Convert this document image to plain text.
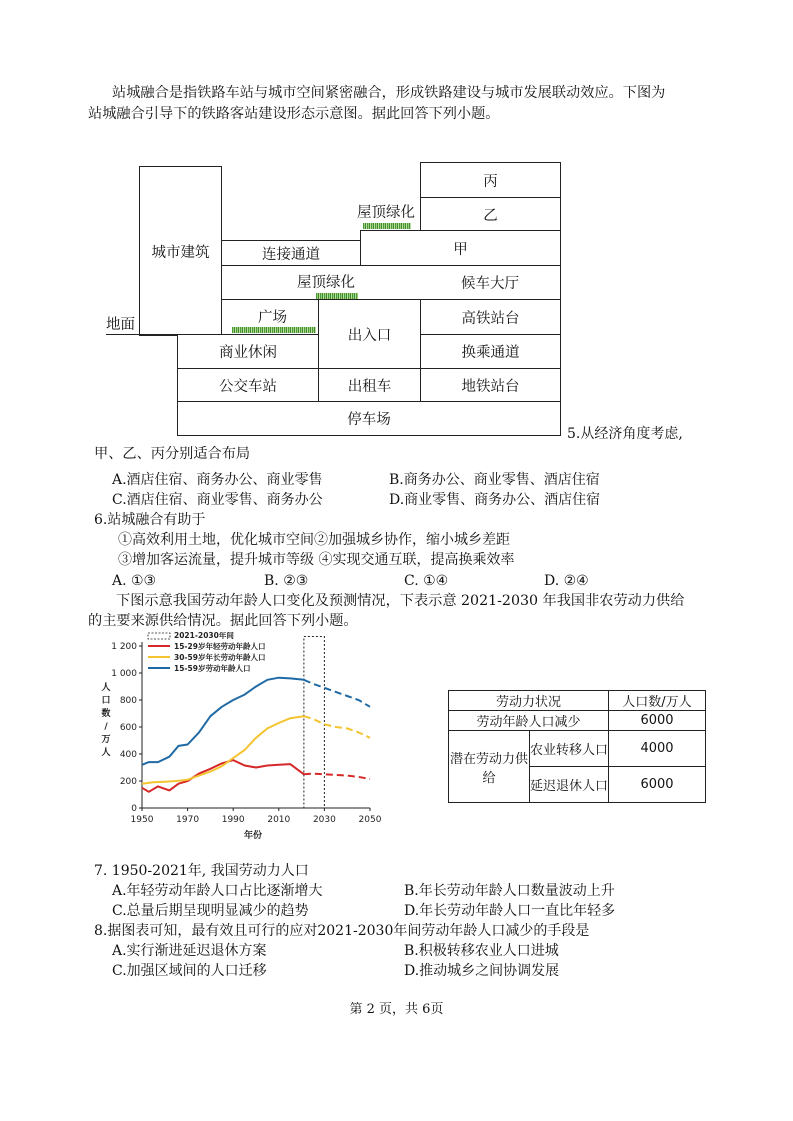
站城融合是指铁路车站与城市空间紧密融合，形成铁路建设与城市发展联动效应。下图为
站城融合引导下的铁路客站建设形态示意图。据此回答下列小题。
城市建筑
地面
连接通道
丙
乙
屋顶绿化
甲
候车大厅
屋顶绿化
广场
出入口
高铁站台
换乘通道
商业休闲
公交车站	出租车	地铁站台
停车场
5.从经济角度考虑,
甲、乙、丙分别适合布局
A.酒店住宿、商务办公、商业零售	B.商务办公、商业零售、酒店住宿
C.酒店住宿、商业零售、商务办公	D.商业零售、商务办公、酒店住宿
6.站城融合有助于
①高效利用土地，优化城市空间②加强城乡协作，缩小城乡差距
③增加客运流量，提升城市等级 ④实现交通互联，提高换乘效率
A. ①③	B. ②③	C. ①④	D. ②④
下图示意我国劳动年龄人口变化及预测情况，下表示意 2021-2030 年我国非农劳动力供给
的主要来源供给情况。据此回答下列小题。
0
200
400
600
800
1 000
1 200
1950	1970	1990	2010	2030	2050
年份
人
口
数
/
万
人
2021-2030年间
15-29岁年轻劳动年龄人口
30-59岁年长劳动年龄人口
15-59岁劳动年龄人口
劳动力状况		人口数/万人
劳动年龄人口减少		6000
潜在劳动力供给	农业转移人口	4000
	延迟退休人口	6000
7. 1950-2021年, 我国劳动力人口
A.年轻劳动年龄人口占比逐渐增大	B.年长劳动年龄人口数量波动上升
C.总量后期呈现明显减少的趋势	D.年长劳动年龄人口一直比年轻多
8.据图表可知，最有效且可行的应对2021-2030年间劳动年龄人口减少的手段是
A.实行渐进延迟退休方案	B.积极转移农业人口进城
C.加强区域间的人口迁移	D.推动城乡之间协调发展
第 2 页，共 6页
